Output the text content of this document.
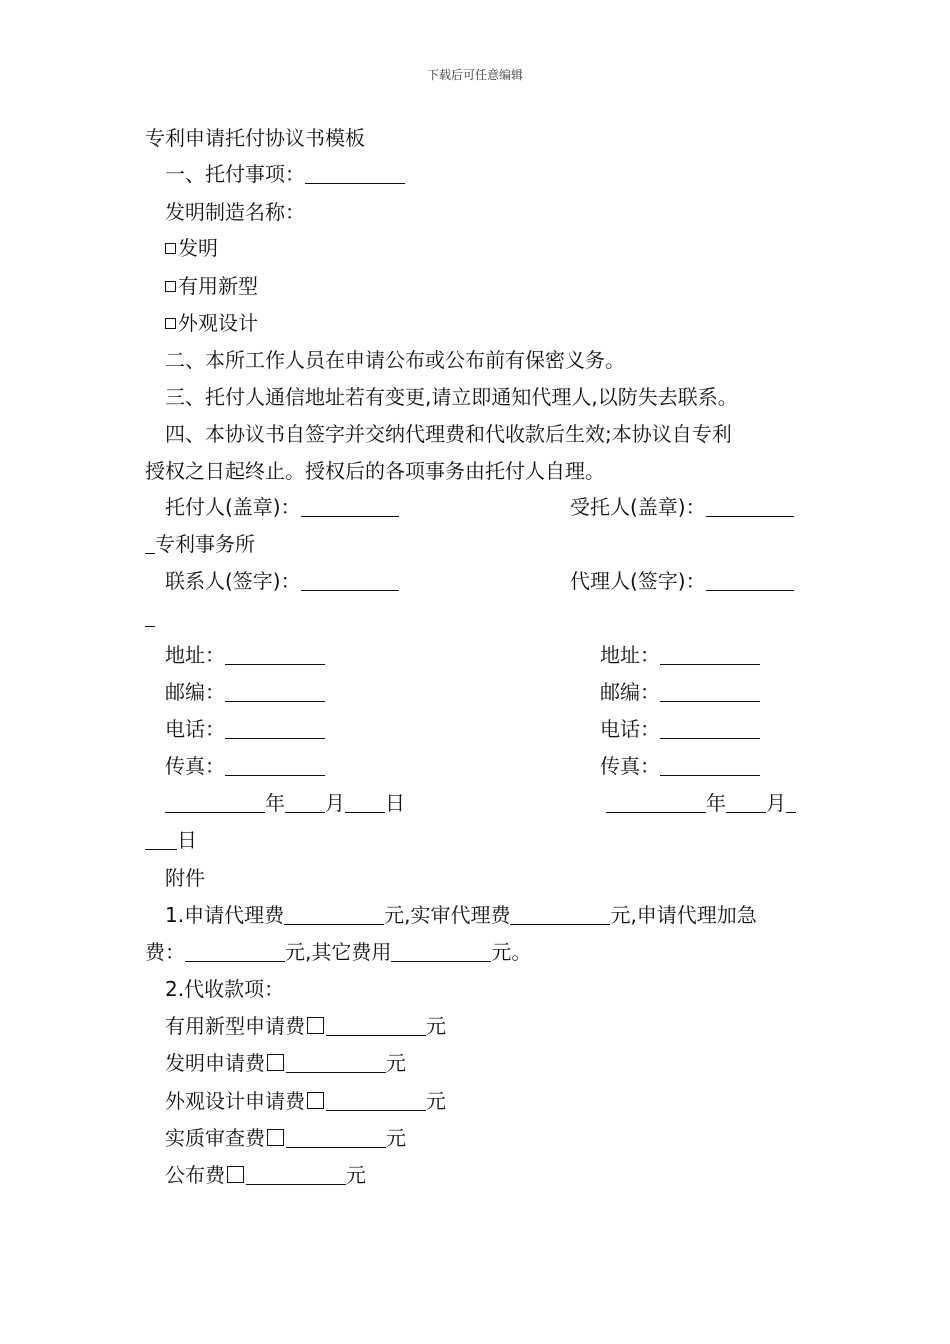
下载后可任意编辑
专利申请托付协议书模板
一、托付事项：
发明制造名称：
发明
有用新型
外观设计
二、本所工作人员在申请公布或公布前有保密义务。
三、托付人通信地址若有变更,请立即通知代理人,以防失去联系。
四、本协议书自签字并交纳代理费和代收款后生效;本协议自专利
授权之日起终止。授权后的各项事务由托付人自理。
托付人(盖章)：	受托人(盖章)：
专利事务所
联系人(签字)：	代理人(签字)：
地址：	地址：
邮编：	邮编：
电话：	电话：
传真：	传真：
年 月 日	年 月
日
附件
1.申请代理费	元,实审代理费	元,申请代理加急
费：	元,其它费用	元。
2.代收款项：
有用新型申请费	元
发明申请费	元
外观设计申请费	元
实质审查费	元
公布费	元
